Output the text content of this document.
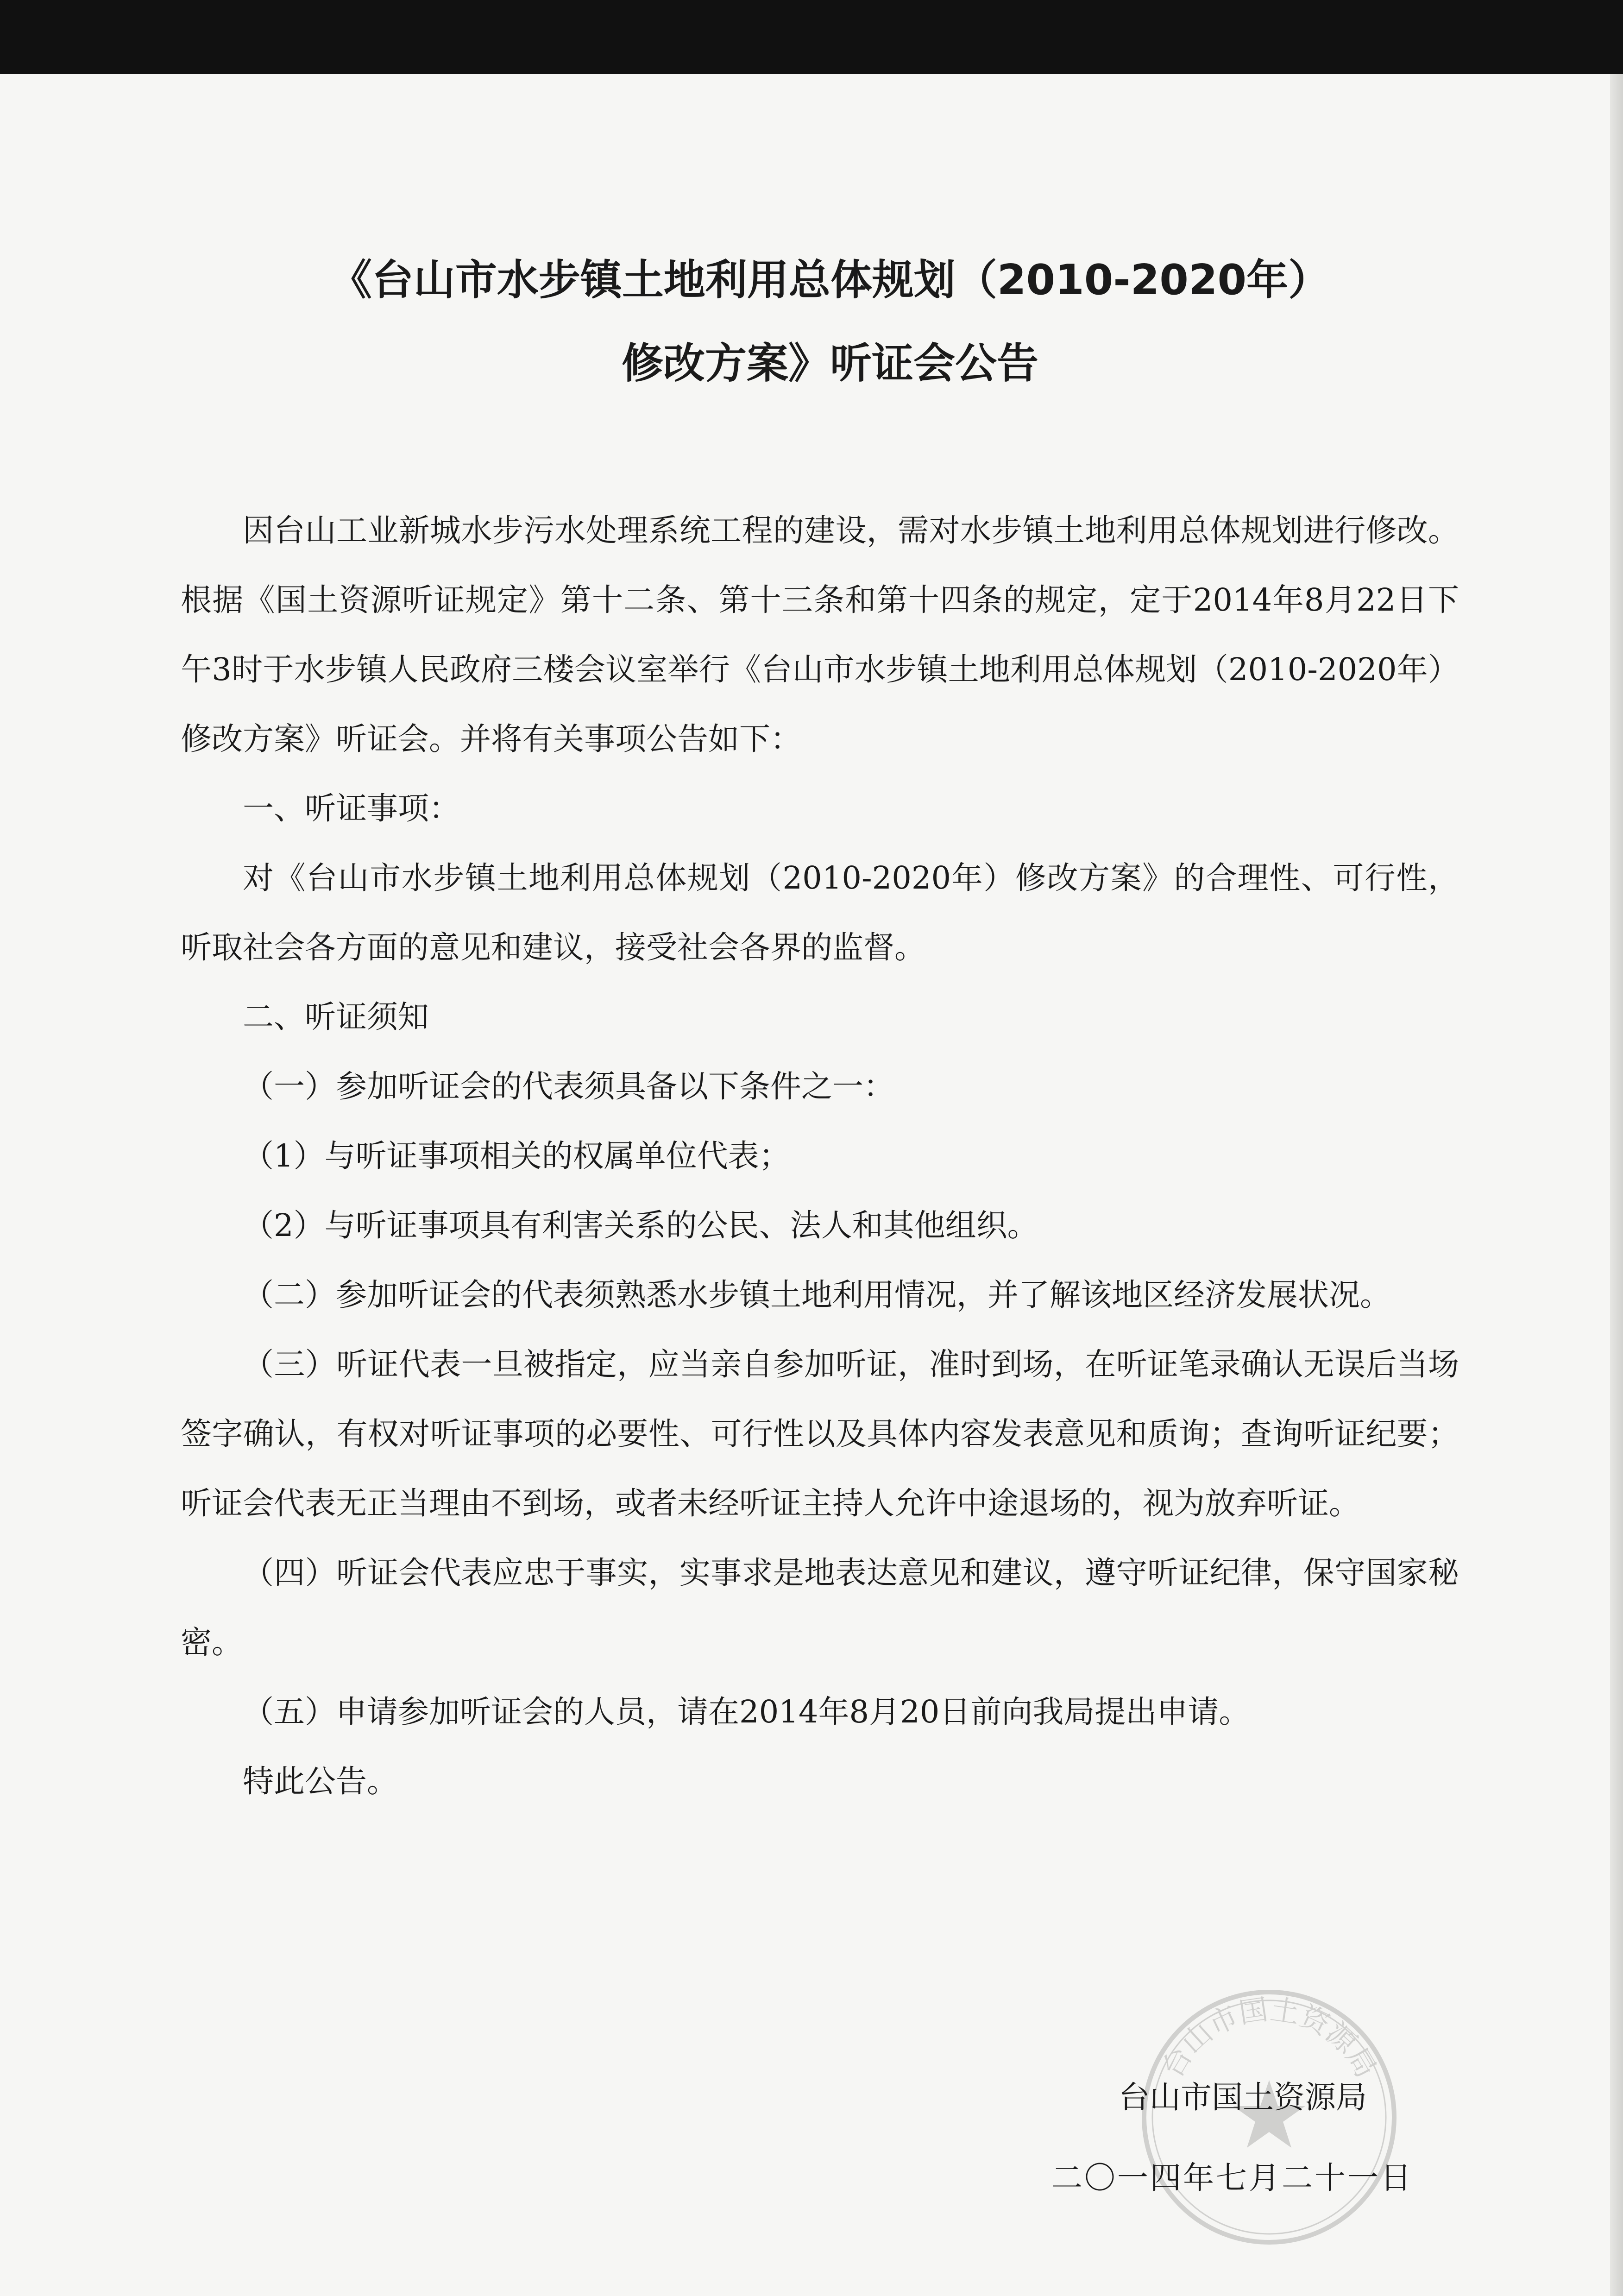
《台山市水步镇土地利用总体规划（2010-2020年）
修改方案》听证会公告

因台山工业新城水步污水处理系统工程的建设，需对水步镇土地利用总体规划进行修改。根据《国土资源听证规定》第十二条、第十三条和第十四条的规定，定于2014年8月22日下午3时于水步镇人民政府三楼会议室举行《台山市水步镇土地利用总体规划（2010-2020年）修改方案》听证会。并将有关事项公告如下：

一、听证事项：

对《台山市水步镇土地利用总体规划（2010-2020年）修改方案》的合理性、可行性，听取社会各方面的意见和建议，接受社会各界的监督。

二、听证须知

（一）参加听证会的代表须具备以下条件之一：

（1）与听证事项相关的权属单位代表；

（2）与听证事项具有利害关系的公民、法人和其他组织。

（二）参加听证会的代表须熟悉水步镇土地利用情况，并了解该地区经济发展状况。

（三）听证代表一旦被指定，应当亲自参加听证，准时到场，在听证笔录确认无误后当场签字确认，有权对听证事项的必要性、可行性以及具体内容发表意见和质询；查询听证纪要；听证会代表无正当理由不到场，或者未经听证主持人允许中途退场的，视为放弃听证。

（四）听证会代表应忠于事实，实事求是地表达意见和建议，遵守听证纪律，保守国家秘密。

（五）申请参加听证会的人员，请在2014年8月20日前向我局提出申请。

特此公告。

台山市国土资源局
台山市国土资源局
二〇一四年七月二十一日
